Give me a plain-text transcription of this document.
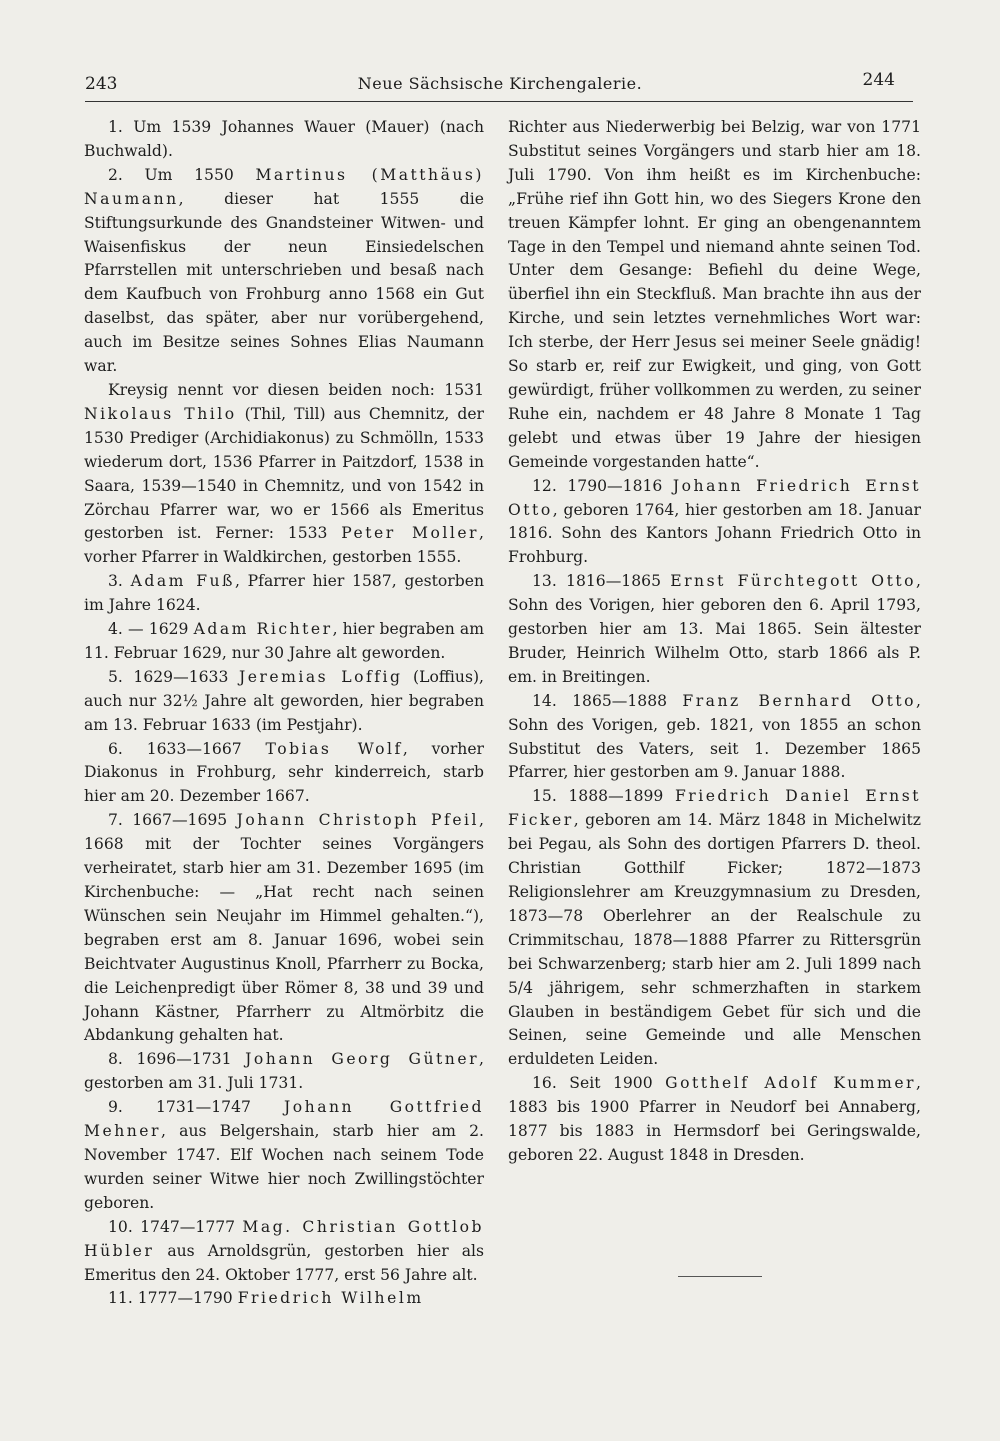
243	Neue Sächsische Kirchengalerie.	244

1. Um 1539 Johannes Wauer (Mauer) (nach Buchwald).

2. Um 1550 Martinus (Matthäus) Naumann, dieser hat 1555 die Stiftungsurkunde des Gnandsteiner Witwen- und Waisenfiskus der neun Einsiedelschen Pfarrstellen mit unterschrieben und besaß nach dem Kaufbuch von Frohburg anno 1568 ein Gut daselbst, das später, aber nur vorübergehend, auch im Besitze seines Sohnes Elias Naumann war.

Kreysig nennt vor diesen beiden noch: 1531 Nikolaus Thilo (Thil, Till) aus Chemnitz, der 1530 Prediger (Archidiakonus) zu Schmölln, 1533 wiederum dort, 1536 Pfarrer in Paitzdorf, 1538 in Saara, 1539—1540 in Chemnitz, und von 1542 in Zörchau Pfarrer war, wo er 1566 als Emeritus gestorben ist. Ferner: 1533 Peter Moller, vorher Pfarrer in Waldkirchen, gestorben 1555.

3. Adam Fuß, Pfarrer hier 1587, gestorben im Jahre 1624.

4. — 1629 Adam Richter, hier begraben am 11. Februar 1629, nur 30 Jahre alt geworden.

5. 1629—1633 Jeremias Loffig (Loffius), auch nur 32½ Jahre alt geworden, hier begraben am 13. Februar 1633 (im Pestjahr).

6. 1633—1667 Tobias Wolf, vorher Diakonus in Frohburg, sehr kinderreich, starb hier am 20. Dezember 1667.

7. 1667—1695 Johann Christoph Pfeil, 1668 mit der Tochter seines Vorgängers verheiratet, starb hier am 31. Dezember 1695 (im Kirchenbuche: — „Hat recht nach seinen Wünschen sein Neujahr im Himmel gehalten.“), begraben erst am 8. Januar 1696, wobei sein Beichtvater Augustinus Knoll, Pfarrherr zu Bocka, die Leichenpredigt über Römer 8, 38 und 39 und Johann Kästner, Pfarrherr zu Altmörbitz die Abdankung gehalten hat.

8. 1696—1731 Johann Georg Gütner, gestorben am 31. Juli 1731.

9. 1731—1747 Johann Gottfried Mehner, aus Belgershain, starb hier am 2. November 1747. Elf Wochen nach seinem Tode wurden seiner Witwe hier noch Zwillingstöchter geboren.

10. 1747—1777 Mag. Christian Gottlob Hübler aus Arnoldsgrün, gestorben hier als Emeritus den 24. Oktober 1777, erst 56 Jahre alt.

11. 1777—1790 Friedrich Wilhelm

Richter aus Niederwerbig bei Belzig, war von 1771 Substitut seines Vorgängers und starb hier am 18. Juli 1790. Von ihm heißt es im Kirchenbuche: „Frühe rief ihn Gott hin, wo des Siegers Krone den treuen Kämpfer lohnt. Er ging an obengenanntem Tage in den Tempel und niemand ahnte seinen Tod. Unter dem Gesange: Befiehl du deine Wege, überfiel ihn ein Steckfluß. Man brachte ihn aus der Kirche, und sein letztes vernehmliches Wort war: Ich sterbe, der Herr Jesus sei meiner Seele gnädig! So starb er, reif zur Ewigkeit, und ging, von Gott gewürdigt, früher vollkommen zu werden, zu seiner Ruhe ein, nachdem er 48 Jahre 8 Monate 1 Tag gelebt und etwas über 19 Jahre der hiesigen Gemeinde vorgestanden hatte“.

12. 1790—1816 Johann Friedrich Ernst Otto, geboren 1764, hier gestorben am 18. Januar 1816. Sohn des Kantors Johann Friedrich Otto in Frohburg.

13. 1816—1865 Ernst Fürchtegott Otto, Sohn des Vorigen, hier geboren den 6. April 1793, gestorben hier am 13. Mai 1865. Sein ältester Bruder, Heinrich Wilhelm Otto, starb 1866 als P. em. in Breitingen.

14. 1865—1888 Franz Bernhard Otto, Sohn des Vorigen, geb. 1821, von 1855 an schon Substitut des Vaters, seit 1. Dezember 1865 Pfarrer, hier gestorben am 9. Januar 1888.

15. 1888—1899 Friedrich Daniel Ernst Ficker, geboren am 14. März 1848 in Michelwitz bei Pegau, als Sohn des dortigen Pfarrers D. theol. Christian Gotthilf Ficker; 1872—1873 Religionslehrer am Kreuzgymnasium zu Dresden, 1873—78 Oberlehrer an der Realschule zu Crimmitschau, 1878—1888 Pfarrer zu Rittersgrün bei Schwarzenberg; starb hier am 2. Juli 1899 nach 5/4 jährigem, sehr schmerzhaften in starkem Glauben in beständigem Gebet für sich und die Seinen, seine Gemeinde und alle Menschen erduldeten Leiden.

16. Seit 1900 Gotthelf Adolf Kummer, 1883 bis 1900 Pfarrer in Neudorf bei Annaberg, 1877 bis 1883 in Hermsdorf bei Geringswalde, geboren 22. August 1848 in Dresden.
